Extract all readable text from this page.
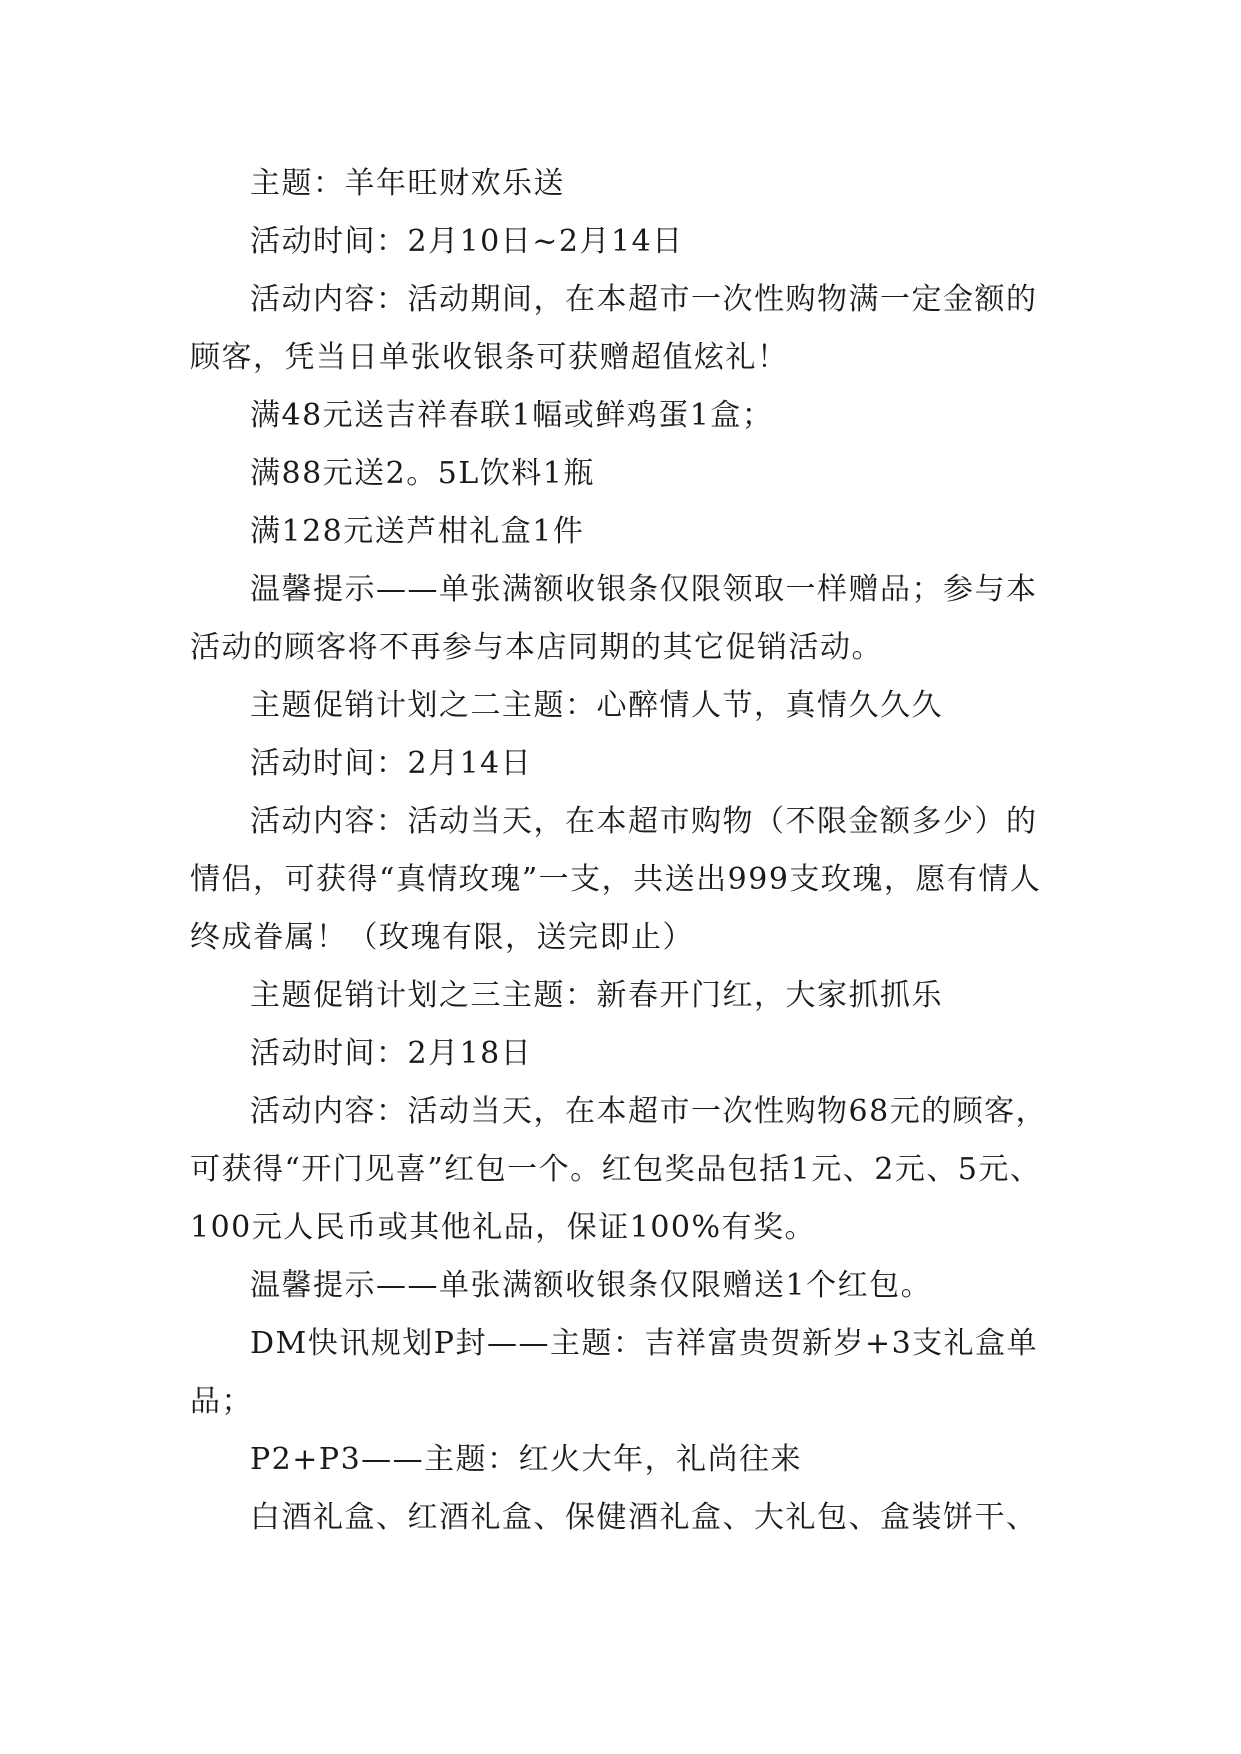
主题：羊年旺财欢乐送

活动时间：2月10日~2月14日

活动内容：活动期间，在本超市一次性购物满一定金额的顾客，凭当日单张收银条可获赠超值炫礼！

满48元送吉祥春联1幅或鲜鸡蛋1盒；

满88元送2。5L饮料1瓶

满128元送芦柑礼盒1件

温馨提示——单张满额收银条仅限领取一样赠品；参与本活动的顾客将不再参与本店同期的其它促销活动。

主题促销计划之二主题：心醉情人节，真情久久久

活动时间：2月14日

活动内容：活动当天，在本超市购物（不限金额多少）的情侣，可获得“真情玫瑰”一支，共送出999支玫瑰，愿有情人终成眷属！（玫瑰有限，送完即止）

主题促销计划之三主题：新春开门红，大家抓抓乐

活动时间：2月18日

活动内容：活动当天，在本超市一次性购物68元的顾客，可获得“开门见喜”红包一个。红包奖品包括1元、2元、5元、100元人民币或其他礼品，保证100%有奖。

温馨提示——单张满额收银条仅限赠送1个红包。

DM快讯规划P封——主题：吉祥富贵贺新岁+3支礼盒单品；

P2+P3——主题：红火大年，礼尚往来

白酒礼盒、红酒礼盒、保健酒礼盒、大礼包、盒装饼干、
